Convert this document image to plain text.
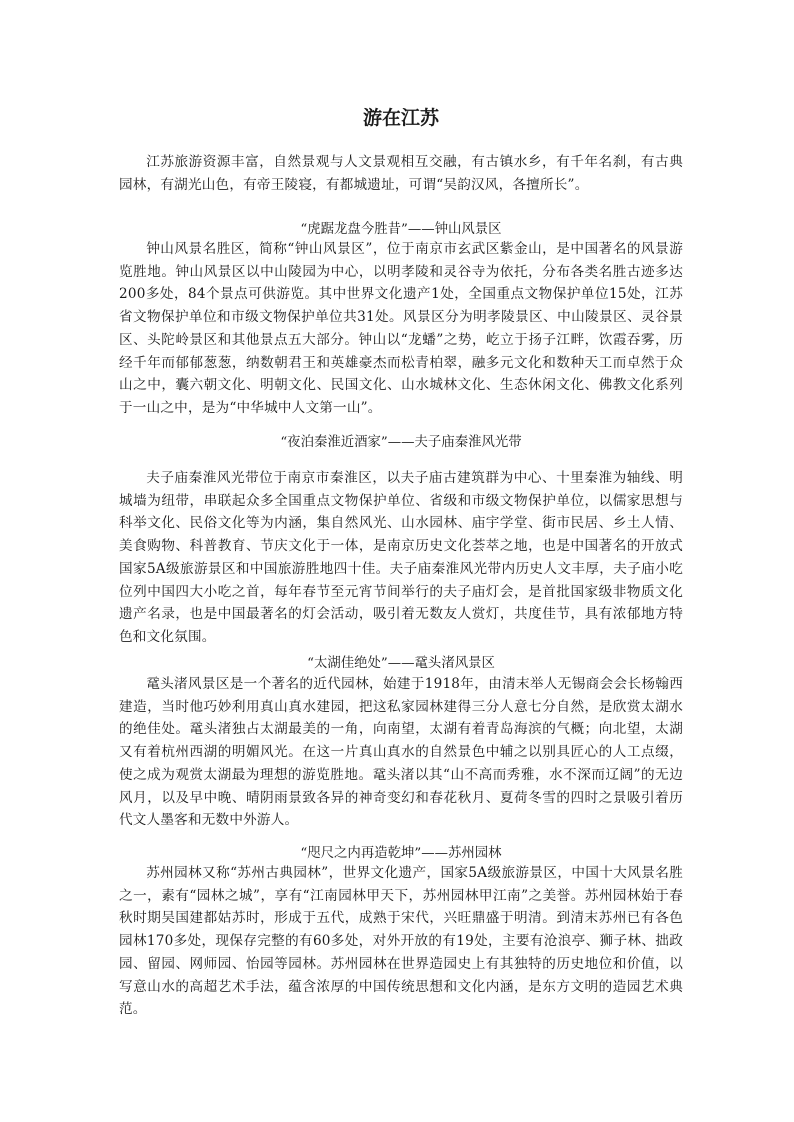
游在江苏

江苏旅游资源丰富，自然景观与人文景观相互交融，有古镇水乡，有千年名刹，有古典园林，有湖光山色，有帝王陵寝，有都城遗址，可谓“吴韵汉风，各擅所长”。

“虎踞龙盘今胜昔”——钟山风景区

钟山风景名胜区，简称“钟山风景区”，位于南京市玄武区紫金山，是中国著名的风景游览胜地。钟山风景区以中山陵园为中心，以明孝陵和灵谷寺为依托，分布各类名胜古迹多达200多处，84个景点可供游览。其中世界文化遗产1处，全国重点文物保护单位15处，江苏省文物保护单位和市级文物保护单位共31处。风景区分为明孝陵景区、中山陵景区、灵谷景区、头陀岭景区和其他景点五大部分。钟山以“龙蟠”之势，屹立于扬子江畔，饮霞吞雾，历经千年而郁郁葱葱，纳数朝君王和英雄豪杰而松青柏翠，融多元文化和数种天工而卓然于众山之中，囊六朝文化、明朝文化、民国文化、山水城林文化、生态休闲文化、佛教文化系列于一山之中，是为“中华城中人文第一山”。

“夜泊秦淮近酒家”——夫子庙秦淮风光带

夫子庙秦淮风光带位于南京市秦淮区，以夫子庙古建筑群为中心、十里秦淮为轴线、明城墙为纽带，串联起众多全国重点文物保护单位、省级和市级文物保护单位，以儒家思想与科举文化、民俗文化等为内涵，集自然风光、山水园林、庙宇学堂、街市民居、乡土人情、美食购物、科普教育、节庆文化于一体，是南京历史文化荟萃之地，也是中国著名的开放式国家5A级旅游景区和中国旅游胜地四十佳。夫子庙秦淮风光带内历史人文丰厚，夫子庙小吃位列中国四大小吃之首，每年春节至元宵节间举行的夫子庙灯会，是首批国家级非物质文化遗产名录，也是中国最著名的灯会活动，吸引着无数友人赏灯，共度佳节，具有浓郁地方特色和文化氛围。

“太湖佳绝处”——鼋头渚风景区

鼋头渚风景区是一个著名的近代园林，始建于1918年，由清末举人无锡商会会长杨翰西建造，当时他巧妙利用真山真水建园，把这私家园林建得三分人意七分自然，是欣赏太湖水的绝佳处。鼋头渚独占太湖最美的一角，向南望，太湖有着青岛海滨的气概；向北望，太湖又有着杭州西湖的明媚风光。在这一片真山真水的自然景色中辅之以别具匠心的人工点缀，使之成为观赏太湖最为理想的游览胜地。鼋头渚以其“山不高而秀雅，水不深而辽阔”的无边风月，以及早中晚、晴阴雨景致各异的神奇变幻和春花秋月、夏荷冬雪的四时之景吸引着历代文人墨客和无数中外游人。

“咫尺之内再造乾坤”——苏州园林

苏州园林又称“苏州古典园林”，世界文化遗产，国家5A级旅游景区，中国十大风景名胜之一，素有“园林之城”，享有“江南园林甲天下，苏州园林甲江南”之美誉。苏州园林始于春秋时期吴国建都姑苏时，形成于五代，成熟于宋代，兴旺鼎盛于明清。到清末苏州已有各色园林170多处，现保存完整的有60多处，对外开放的有19处，主要有沧浪亭、狮子林、拙政园、留园、网师园、怡园等园林。苏州园林在世界造园史上有其独特的历史地位和价值，以写意山水的高超艺术手法，蕴含浓厚的中国传统思想和文化内涵，是东方文明的造园艺术典范。
